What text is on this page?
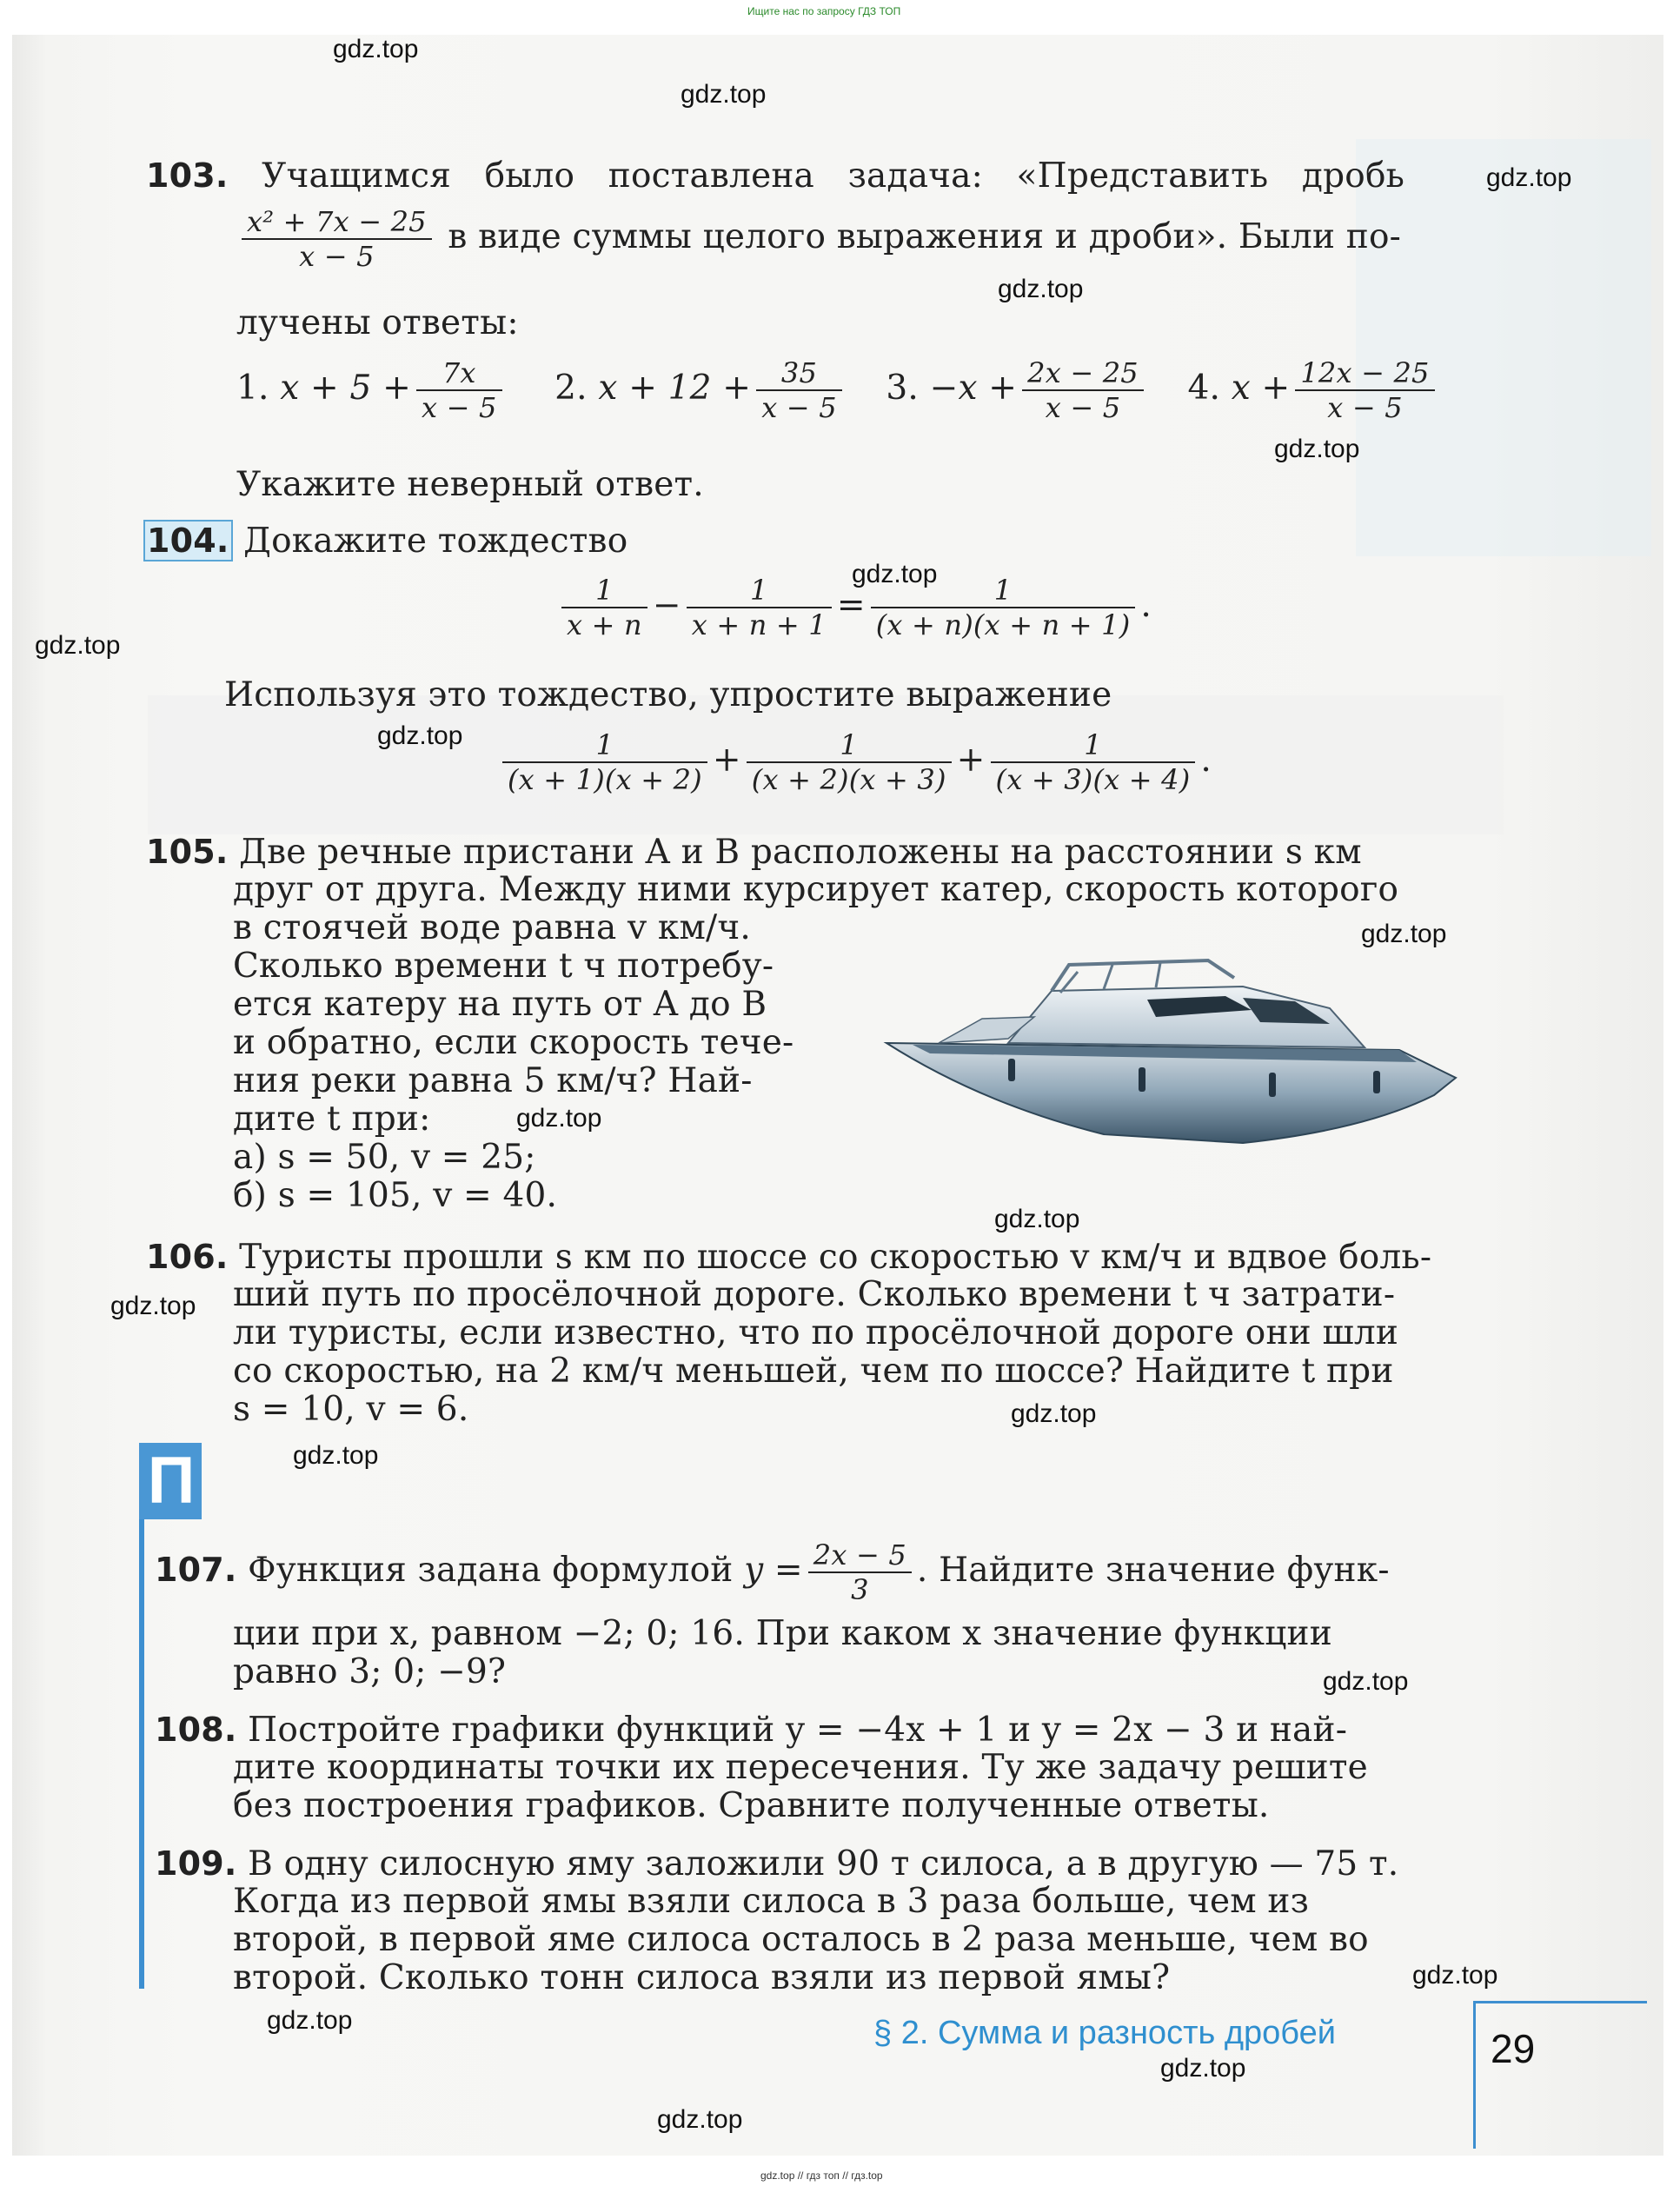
Ищите нас по запросу ГДЗ ТОП
gdz.top
gdz.top
gdz.top
gdz.top
gdz.top
gdz.top
gdz.top
gdz.top
gdz.top
gdz.top
gdz.top
gdz.top
gdz.top
gdz.top
gdz.top
gdz.top
gdz.top
gdz.top
gdz.top
103. Учащимся было поставлена задача: «Представить дробь
$\frac{\text{x² + 7x − 25}}{x - 5}$ в виде суммы целого выражения и дроби». Были по-
лучены ответы:
1. $x + 5 + \frac{7x}{x - 5} 2$. $x + 12 + \frac{35}{x - 5} 3$. $-x + \frac{2x - 25}{x - 5} 4$. $x + \frac{12x - 25}{x - 5}$
Укажите неверный ответ.
104. Докажите тождество
$\frac{1}{x + n} - \frac{1}{x + n + 1} = \frac{1}{(x + n)(x + n + 1)}$ .
Используя это тождество, упростите выражение
$\frac{1}{(x + 1)(x + 2)} + \frac{1}{(x + 2)(x + 3)} + \frac{1}{(x + 3)(x + 4)}$ .
105. Две речные пристани A и B расположены на расстоянии s км
друг от друга. Между ними курсирует катер, скорость которого
в стоячей воде равна v км/ч.
Сколько времени t ч потребу-
ется катеру на путь от A до B
и обратно, если скорость тече-
ния реки равна 5 км/ч? Най-
дите t при:
а) s = 50, v = 25;
б) s = 105, v = 40.
106. Туристы прошли s км по шоссе со скоростью v км/ч и вдвое боль-
ший путь по просёлочной дороге. Сколько времени t ч затрати-
ли туристы, если известно, что по просёлочной дороге они шли
со скоростью, на 2 км/ч меньшей, чем по шоссе? Найдите t при
s = 10, v = 6.
П
107. Функция задана формулой $y = \frac{2x - 5}{3}$ . Найдите значение функ-
ции при x, равном −2; 0; 16. При каком x значение функции
равно 3; 0; −9?
108. Постройте графики функций y = −4x + 1 и y = 2x − 3 и най-
дите координаты точки их пересечения. Ту же задачу решите
без построения графиков. Сравните полученные ответы.
109. В одну силосную яму заложили 90 т силоса, а в другую — 75 т.
Когда из первой ямы взяли силоса в 3 раза больше, чем из
второй, в первой яме силоса осталось в 2 раза меньше, чем во
второй. Сколько тонн силоса взяли из первой ямы?
§ 2. Сумма и разность дробей	29
gdz.top // гдз топ // гдз.top
